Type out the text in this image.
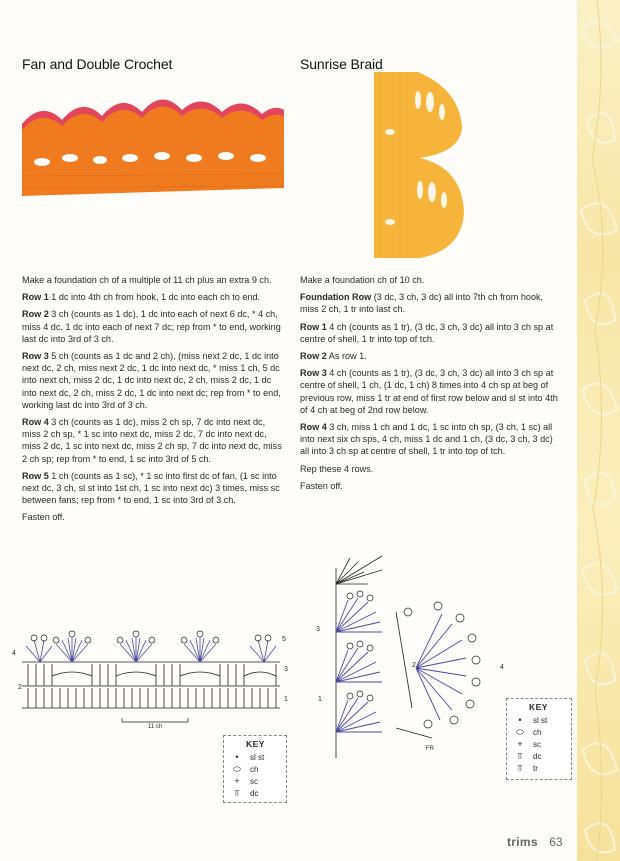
Fan and Double Crochet	Sunrise Braid

Make a foundation ch of a multiple of 11 ch plus an extra 9 ch.

Row 1 1 dc into 4th ch from hook, 1 dc into each ch to end.

Row 2 3 ch (counts as 1 dc), 1 dc into each of next 6 dc, * 4 ch, miss 4 dc, 1 dc into each of next 7 dc; rep from * to end, working last dc into 3rd of 3 ch.

Row 3 5 ch (counts as 1 dc and 2 ch), (miss next 2 dc, 1 dc into next dc, 2 ch, miss next 2 dc, 1 dc into next dc, * miss 1 ch, 5 dc into next ch, miss 2 dc, 1 dc into next dc, 2 ch, miss 2 dc, 1 dc into next dc, 2 ch, miss 2 dc, 1 dc into next dc; rep from * to end, working last dc into 3rd of 3 ch.

Row 4 3 ch (counts as 1 dc), miss 2 ch sp, 7 dc into next dc, miss 2 ch sp, * 1 sc into next dc, miss 2 dc, 7 dc into next dc, miss 2 dc, 1 sc into next dc, miss 2 ch sp, 7 dc into next dc, miss 2 ch sp; rep from * to end, 1 sc into 3rd of 5 ch.

Row 5 1 ch (counts as 1 sc), * 1 sc into first dc of fan, (1 sc into next dc, 3 ch, sl st into 1st ch, 1 sc into next dc) 3 times, miss sc between fans; rep from * to end, 1 sc into 3rd of 3 ch.

Fasten off.

Make a foundation ch of 10 ch.

Foundation Row (3 dc, 3 ch, 3 dc) all into 7th ch from hook, miss 2 ch, 1 tr into last ch.

Row 1 4 ch (counts as 1 tr), (3 dc, 3 ch, 3 dc) all into 3 ch sp at centre of shell, 1 tr into top of tch.

Row 2 As row 1.

Row 3 4 ch (counts as 1 tr), (3 dc, 3 ch, 3 dc) all into 3 ch sp at centre of shell, 1 ch, (1 dc, 1 ch) 8 times into 4 ch sp at beg of previous row, miss 1 tr at end of first row below and sl st into 4th of 4 ch at beg of 2nd row below.

Row 4 3 ch, miss 1 ch and 1 dc, 1 sc into ch sp, (3 ch, 1 sc) all into next six ch sps, 4 ch, miss 1 dc and 1 ch, (3 dc, 3 ch, 3 dc) all into 3 ch sp at centre of shell, 1 tr into top of tch.

Rep these 4 rows.

Fasten off.

5
4
3
2
1
11 ch
KEY
•	sl st
⬭	ch
+	sc
⫪	dc
3
2
1
4
FR
KEY
•	sl st
⬭	ch
+	sc
⫪	dc
⫪	tr
trims 63
